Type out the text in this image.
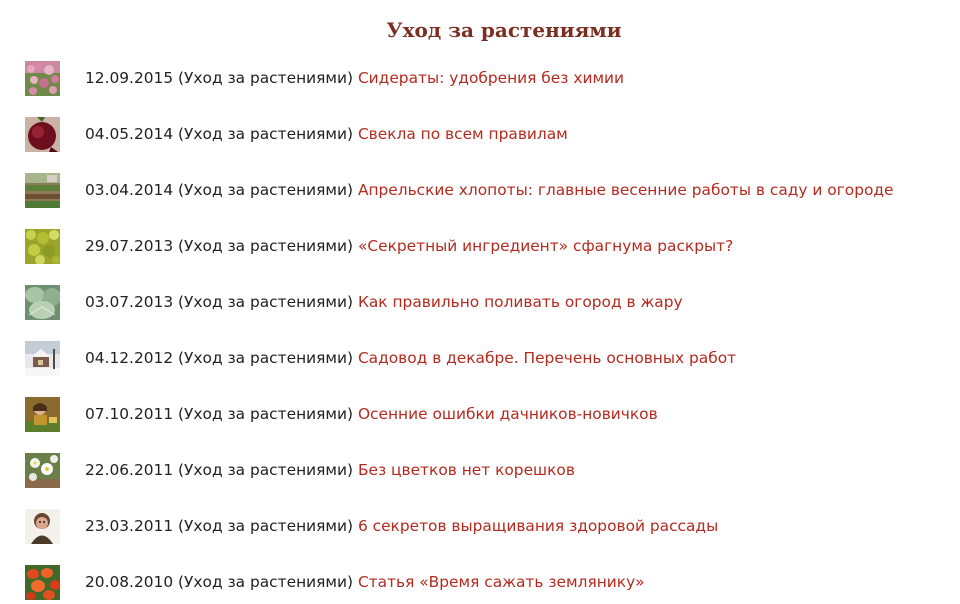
Уход за растениями
12.09.2015 (Уход за растениями) Сидераты: удобрения без химии
04.05.2014 (Уход за растениями) Свекла по всем правилам
03.04.2014 (Уход за растениями) Апрельские хлопоты: главные весенние работы в саду и огороде
29.07.2013 (Уход за растениями) «Секретный ингредиент» сфагнума раскрыт?
03.07.2013 (Уход за растениями) Как правильно поливать огород в жару
04.12.2012 (Уход за растениями) Садовод в декабре. Перечень основных работ
07.10.2011 (Уход за растениями) Осенние ошибки дачников-новичков
22.06.2011 (Уход за растениями) Без цветков нет корешков
23.03.2011 (Уход за растениями) 6 секретов выращивания здоровой рассады
20.08.2010 (Уход за растениями) Статья «Время сажать землянику»
